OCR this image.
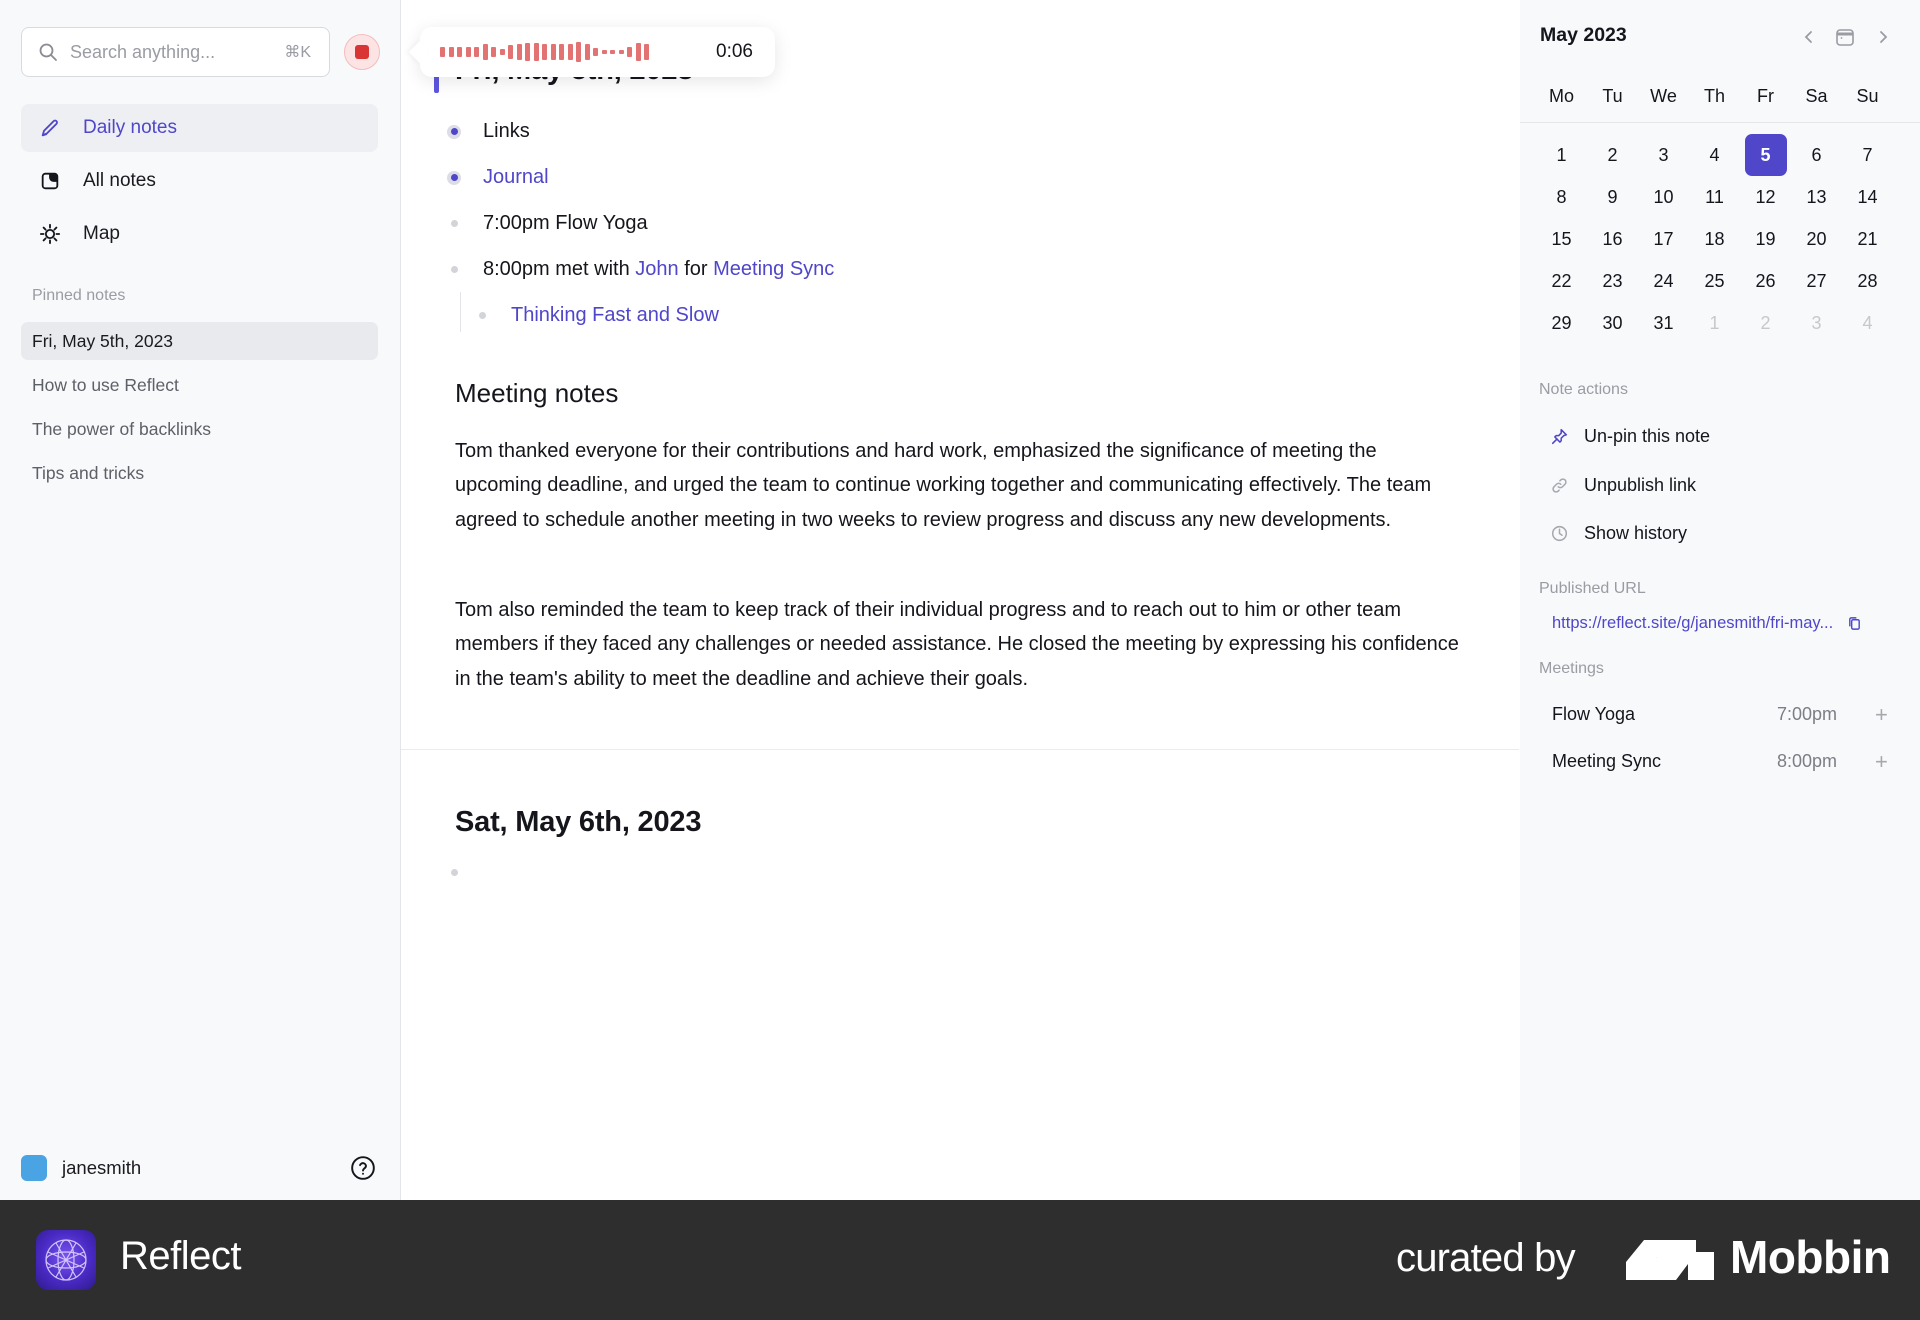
Search anything...	⌘K
Daily notes
All notes
Map
Pinned notes
Fri, May 5th, 2023
How to use Reflect
The power of backlinks
Tips and tricks
janesmith
Links
Journal
7:00pm Flow Yoga
8:00pm met with John for Meeting Sync
Thinking Fast and Slow
Meeting notes

Tom thanked everyone for their contributions and hard work, emphasized the significance of meeting the upcoming deadline, and urged the team to continue working together and communicating effectively. The team agreed to schedule another meeting in two weeks to review progress and discuss any new developments.

Tom also reminded the team to keep track of their individual progress and to reach out to him or other team members if they faced any challenges or needed assistance. He closed the meeting by expressing his confidence in the team's ability to meet the deadline and achieve their goals.

Sat, May 6th, 2023
0:06
May 2023
Mo	Tu	We	Th	Fr	Sa	Su
1	2	3	4	5	6	7
8	9	10	11	12	13	14
15	16	17	18	19	20	21
22	23	24	25	26	27	28
29	30	31	1	2	3	4
Note actions
Un-pin this note
Unpublish link
Show history
Published URL
https://reflect.site/g/janesmith/fri-may...
Meetings
Flow Yoga	7:00pm +
Meeting Sync	8:00pm +
Reflect	curated by	Mobbin
